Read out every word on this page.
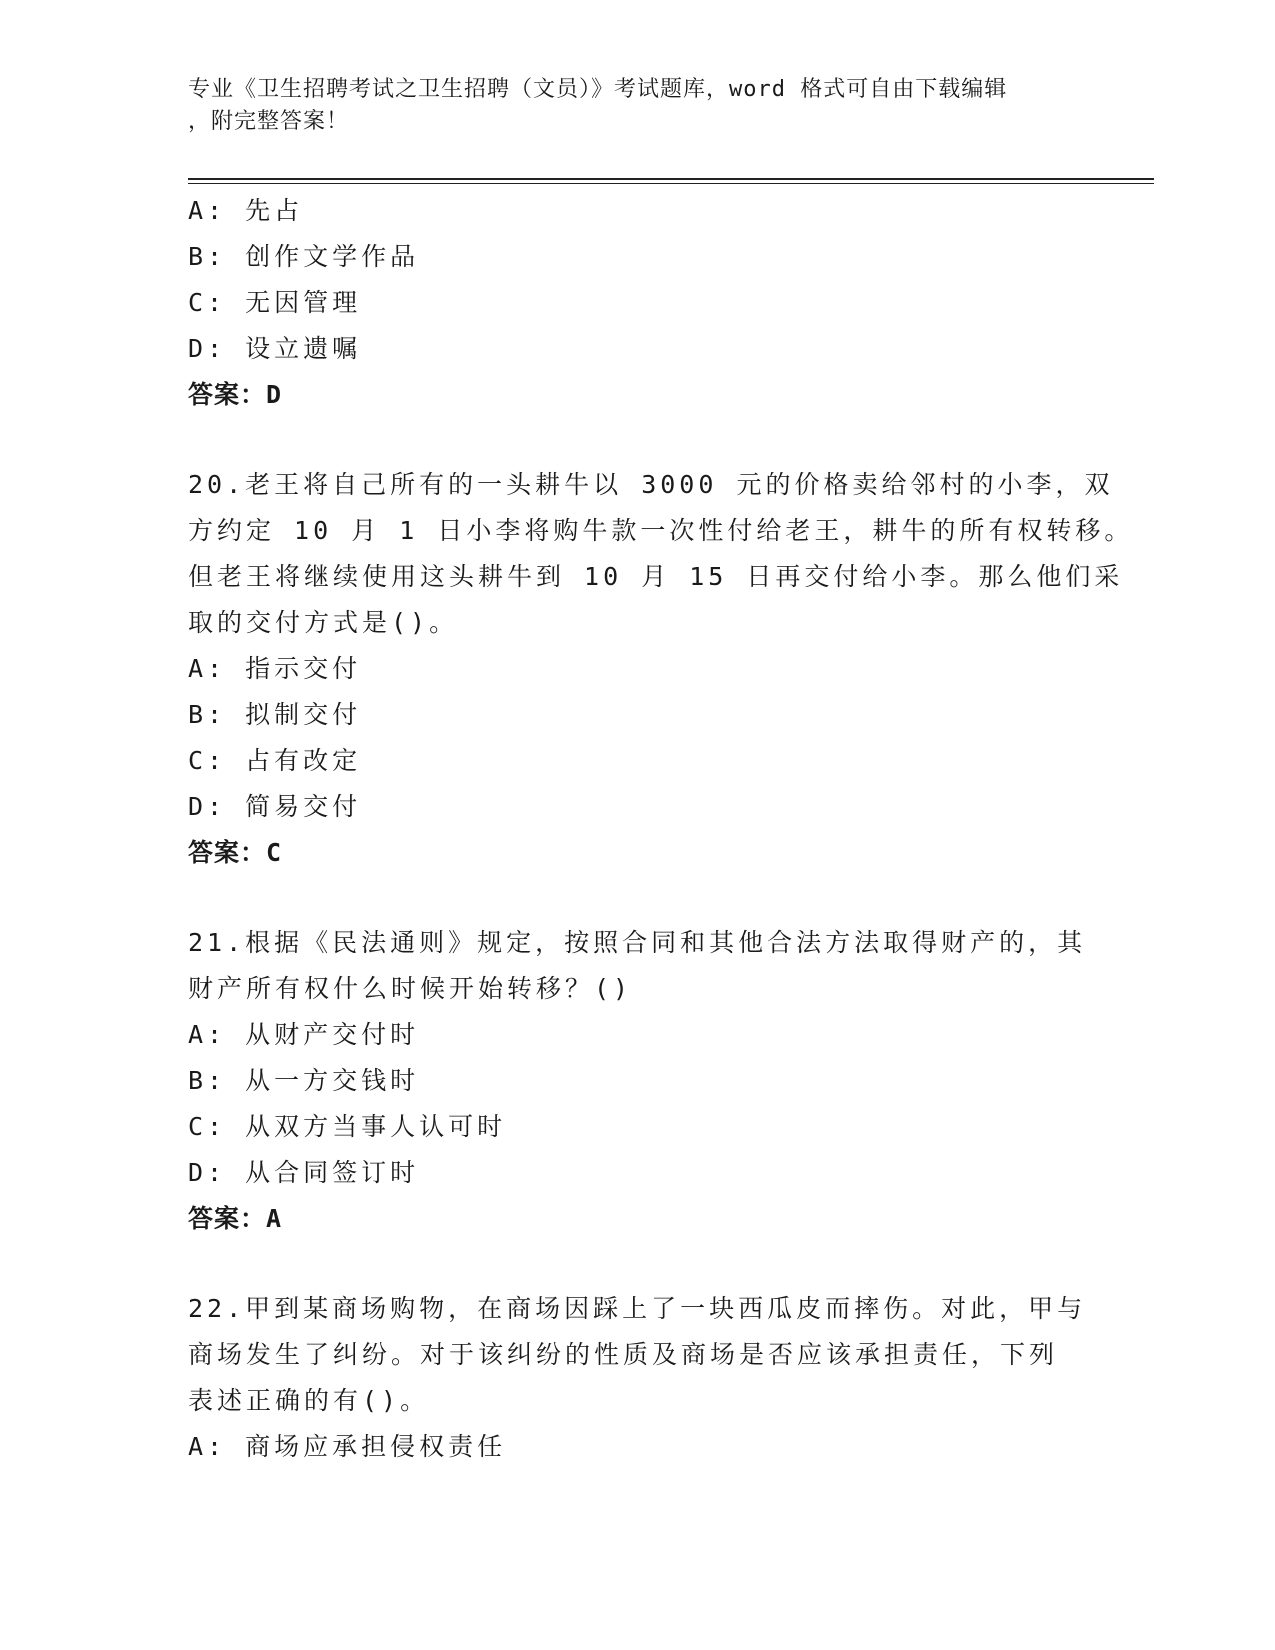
专业《卫生招聘考试之卫生招聘（文员）》考试题库，word 格式可自由下载编辑
，附完整答案！
A: 先占
B: 创作文学作品
C: 无因管理
D: 设立遗嘱
答案：D
20.老王将自己所有的一头耕牛以 3000 元的价格卖给邻村的小李，双
方约定 10 月 1 日小李将购牛款一次性付给老王，耕牛的所有权转移。
但老王将继续使用这头耕牛到 10 月 15 日再交付给小李。那么他们采
取的交付方式是()。
A: 指示交付
B: 拟制交付
C: 占有改定
D: 简易交付
答案：C
21.根据《民法通则》规定，按照合同和其他合法方法取得财产的，其
财产所有权什么时候开始转移？()
A: 从财产交付时
B: 从一方交钱时
C: 从双方当事人认可时
D: 从合同签订时
答案：A
22.甲到某商场购物，在商场因踩上了一块西瓜皮而摔伤。对此，甲与
商场发生了纠纷。对于该纠纷的性质及商场是否应该承担责任，下列
表述正确的有()。
A: 商场应承担侵权责任
